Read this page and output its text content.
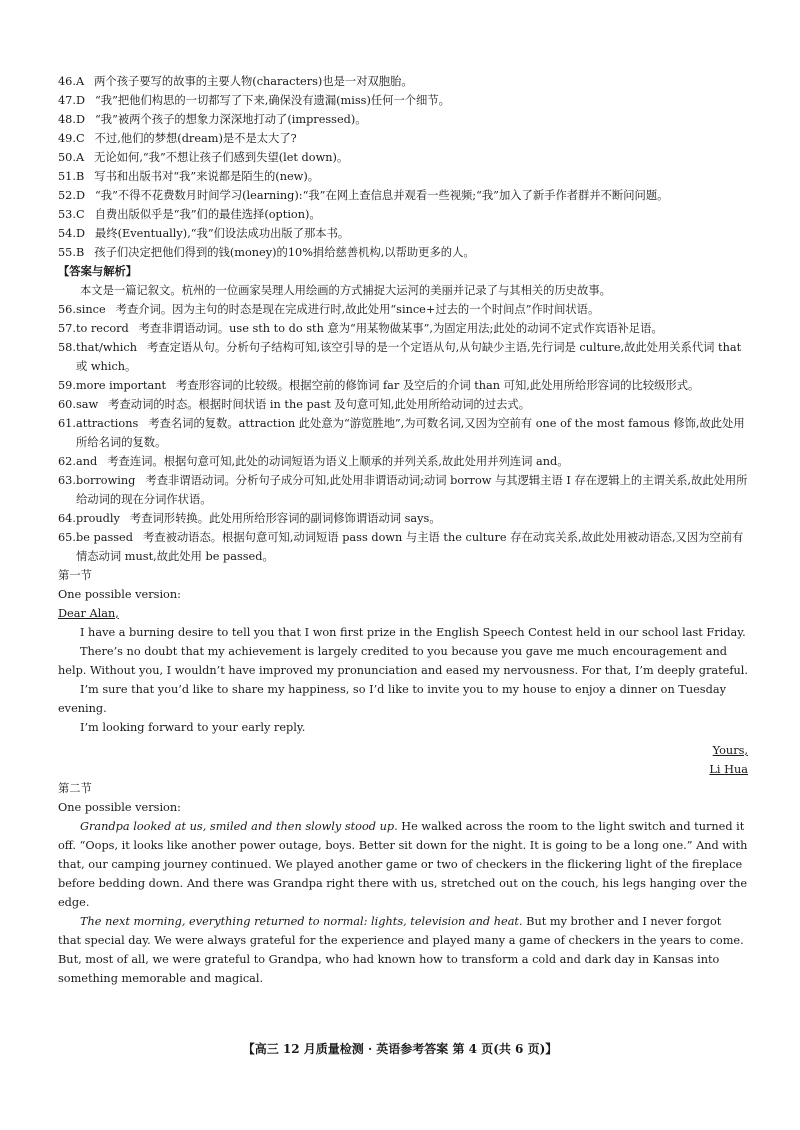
46.A 两个孩子要写的故事的主要人物(characters)也是一对双胞胎。
47.D “我”把他们构思的一切都写了下来,确保没有遗漏(miss)任何一个细节。
48.D “我”被两个孩子的想象力深深地打动了(impressed)。
49.C 不过,他们的梦想(dream)是不是太大了?
50.A 无论如何,“我”不想让孩子们感到失望(let down)。
51.B 写书和出版书对“我”来说都是陌生的(new)。
52.D “我”不得不花费数月时间学习(learning):“我”在网上查信息并观看一些视频;“我”加入了新手作者群并不断问问题。
53.C 自费出版似乎是“我”们的最佳选择(option)。
54.D 最终(Eventually),“我”们设法成功出版了那本书。
55.B 孩子们决定把他们得到的钱(money)的10%捐给慈善机构,以帮助更多的人。
【答案与解析】
本文是一篇记叙文。杭州的一位画家吴理人用绘画的方式捕捉大运河的美丽并记录了与其相关的历史故事。
56.since 考查介词。因为主句的时态是现在完成进行时,故此处用“since+过去的一个时间点”作时间状语。
57.to record 考查非谓语动词。use sth to do sth 意为“用某物做某事”,为固定用法;此处的动词不定式作宾语补足语。
58.that/which 考查定语从句。分析句子结构可知,该空引导的是一个定语从句,从句缺少主语,先行词是 culture,故此处用关系代词 that 或 which。
59.more important 考查形容词的比较级。根据空前的修饰词 far 及空后的介词 than 可知,此处用所给形容词的比较级形式。
60.saw 考查动词的时态。根据时间状语 in the past 及句意可知,此处用所给动词的过去式。
61.attractions 考查名词的复数。attraction 此处意为“游览胜地”,为可数名词,又因为空前有 one of the most famous 修饰,故此处用所给名词的复数。
62.and 考查连词。根据句意可知,此处的动词短语为语义上顺承的并列关系,故此处用并列连词 and。
63.borrowing 考查非谓语动词。分析句子成分可知,此处用非谓语动词;动词 borrow 与其逻辑主语 I 存在逻辑上的主谓关系,故此处用所给动词的现在分词作状语。
64.proudly 考查词形转换。此处用所给形容词的副词修饰谓语动词 says。
65.be passed 考查被动语态。根据句意可知,动词短语 pass down 与主语 the culture 存在动宾关系,故此处用被动语态,又因为空前有情态动词 must,故此处用 be passed。
第一节
One possible version:
Dear Alan,

I have a burning desire to tell you that I won first prize in the English Speech Contest held in our school last Friday.

There’s no doubt that my achievement is largely credited to you because you gave me much encouragement and help. Without you, I wouldn’t have improved my pronunciation and eased my nervousness. For that, I’m deeply grateful.

I’m sure that you’d like to share my happiness, so I’d like to invite you to my house to enjoy a dinner on Tuesday evening.

I’m looking forward to your early reply.

Yours,
Li Hua
第二节
One possible version:

Grandpa looked at us, smiled and then slowly stood up. He walked across the room to the light switch and turned it off. “Oops, it looks like another power outage, boys. Better sit down for the night. It is going to be a long one.” And with that, our camping journey continued. We played another game or two of checkers in the flickering light of the fireplace before bedding down. And there was Grandpa right there with us, stretched out on the couch, his legs hanging over the edge.

The next morning, everything returned to normal: lights, television and heat. But my brother and I never forgot that special day. We were always grateful for the experience and played many a game of checkers in the years to come. But, most of all, we were grateful to Grandpa, who had known how to transform a cold and dark day in Kansas into something memorable and magical.

【高三 12 月质量检测 · 英语参考答案 第 4 页(共 6 页)】
